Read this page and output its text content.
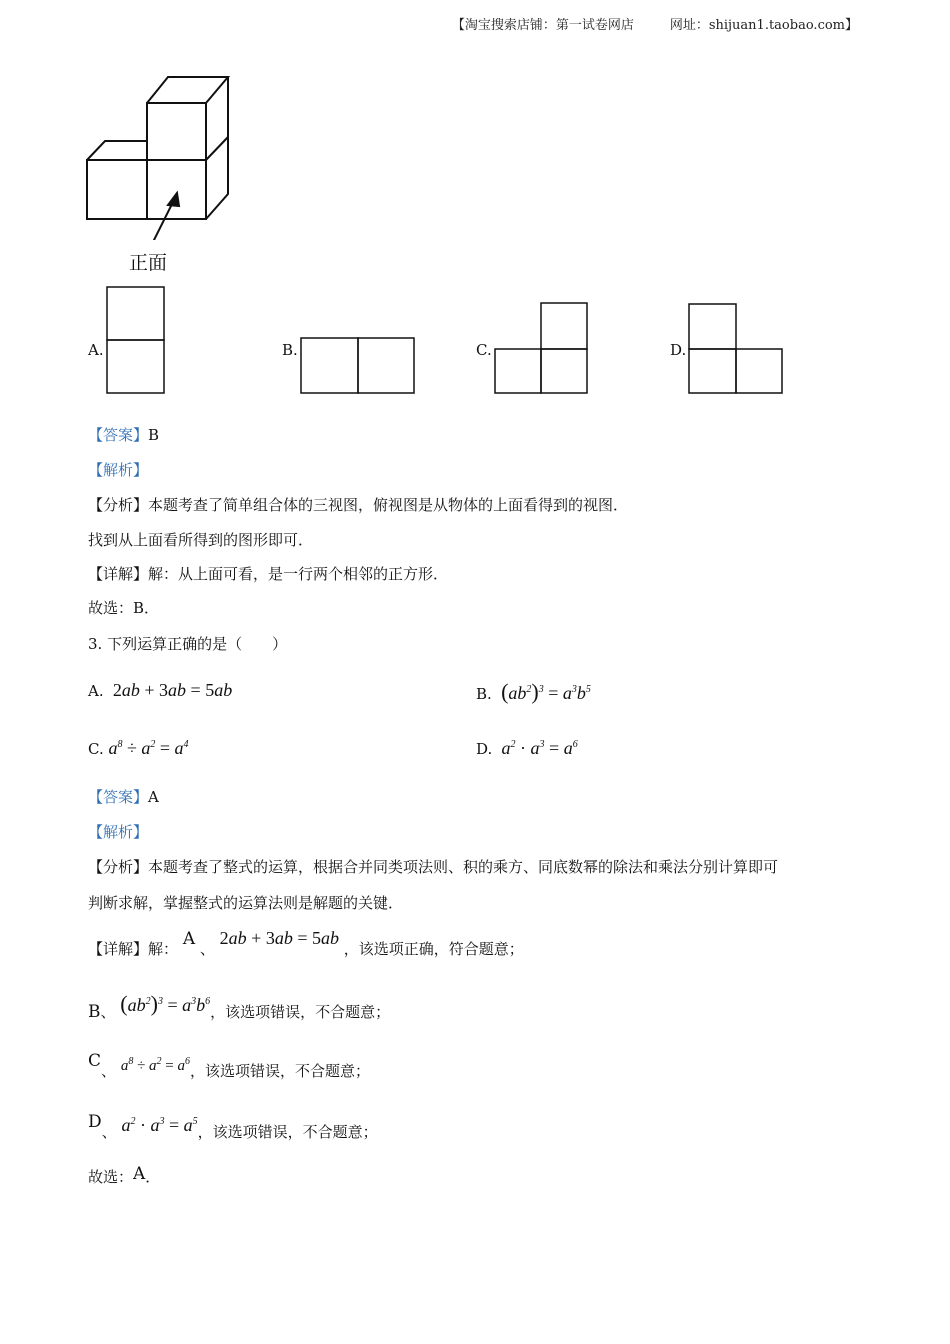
【淘宝搜索店铺：第一试卷网店	网址：shijuan1.taobao.com】
正面
A.	B.	C.	D.
【答案】B
【解析】
【分析】本题考查了简单组合体的三视图，俯视图是从物体的上面看得到的视图．
找到从上面看所得到的图形即可．
【详解】解：从上面可看，是一行两个相邻的正方形．
故选：B．
3. 下列运算正确的是（　　）
A. 2ab + 3ab = 5ab	B. $(ab^2)^3 = a^3b^5$
C. $a^8 \div a^2 = a^4$	D.  $a^2 \cdot a^3 = a^6$
【答案】A
【解析】
【分析】本题考查了整式的运算，根据合并同类项法则、积的乘方、同底数幂的除法和乘法分别计算即可
判断求解，掌握整式的运算法则是解题的关键．
【详解】解： A 、 2ab + 3ab = 5ab ，该选项正确，符合题意；
B、 $(ab^2)^3 = a^3b^6$，该选项错误，不合题意；
C、 $a^8 \div a^2 = a^6$，该选项错误，不合题意；
D、 $a^2 \cdot a^3 = a^5$，该选项错误，不合题意；
故选：A．
